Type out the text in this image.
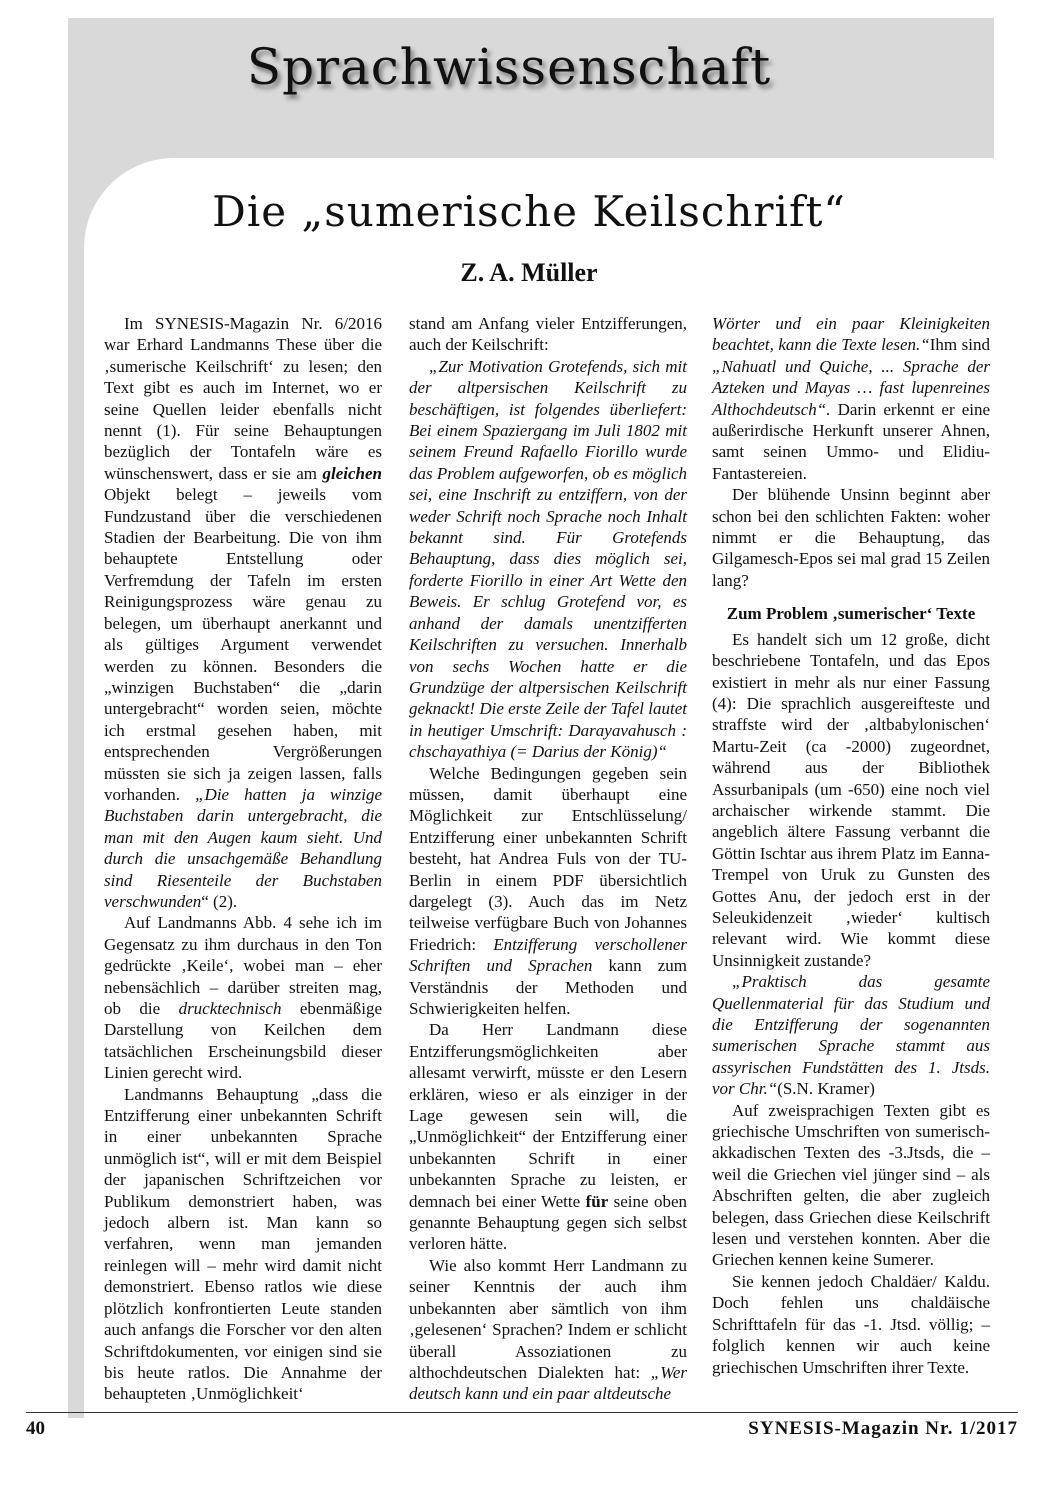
Sprachwissenschaft
Die „sumerische Keilschrift“
Z. A. Müller

Im SYNESIS-Magazin Nr. 6/2016 war Erhard Landmanns These über die ‚sumerische Keilschrift‘ zu lesen; den Text gibt es auch im Internet, wo er seine Quellen leider ebenfalls nicht nennt (1). Für seine Behauptungen bezüglich der Tontafeln wäre es wünschenswert, dass er sie am gleichen Objekt belegt – jeweils vom Fundzustand über die verschiedenen Stadien der Bearbeitung. Die von ihm behauptete Entstellung oder Verfremdung der Tafeln im ersten Reinigungsprozess wäre genau zu belegen, um überhaupt anerkannt und als gültiges Argument verwendet werden zu können. Besonders die „winzigen Buchstaben“ die „darin untergebracht“ worden seien, möchte ich erstmal gesehen haben, mit entsprechenden Vergrößerungen müssten sie sich ja zeigen lassen, falls vorhanden. „Die hatten ja winzige Buchstaben darin untergebracht, die man mit den Augen kaum sieht. Und durch die unsachgemäße Behandlung sind Riesenteile der Buchstaben verschwunden“ (2).

Auf Landmanns Abb. 4 sehe ich im Gegensatz zu ihm durchaus in den Ton gedrückte ‚Keile‘, wobei man – eher nebensächlich – darüber streiten mag, ob die drucktechnisch ebenmäßige Darstellung von Keilchen dem tatsächlichen Erscheinungsbild dieser Linien gerecht wird.

Landmanns Behauptung „dass die Entzifferung einer unbekannten Schrift in einer unbekannten Sprache unmöglich ist“, will er mit dem Beispiel der japanischen Schriftzeichen vor Publikum demonstriert haben, was jedoch albern ist. Man kann so verfahren, wenn man jemanden reinlegen will – mehr wird damit nicht demonstriert. Ebenso ratlos wie diese plötzlich konfrontierten Leute standen auch anfangs die Forscher vor den alten Schriftdokumenten, vor einigen sind sie bis heute ratlos. Die Annahme der behaupteten ‚Unmöglichkeit‘

stand am Anfang vieler Entzifferungen, auch der Keilschrift:

„Zur Motivation Grotefends, sich mit der altpersischen Keilschrift zu beschäftigen, ist folgendes überliefert: Bei einem Spaziergang im Juli 1802 mit seinem Freund Rafaello Fiorillo wurde das Problem aufgeworfen, ob es möglich sei, eine Inschrift zu entziffern, von der weder Schrift noch Sprache noch Inhalt bekannt sind. Für Grotefends Behauptung, dass dies möglich sei, forderte Fiorillo in einer Art Wette den Beweis. Er schlug Grotefend vor, es anhand der damals unentzifferten Keilschriften zu versuchen. Innerhalb von sechs Wochen hatte er die Grundzüge der altpersischen Keilschrift geknackt! Die erste Zeile der Tafel lautet in heutiger Umschrift: Darayavahusch : chschayathiya (= Darius der König)“

Welche Bedingungen gegeben sein müssen, damit überhaupt eine Möglichkeit zur Entschlüsselung/ Entzifferung einer unbekannten Schrift besteht, hat Andrea Fuls von der TU-Berlin in einem PDF übersichtlich dargelegt (3). Auch das im Netz teilweise verfügbare Buch von Johannes Friedrich: Entzifferung verschollener Schriften und Sprachen kann zum Verständnis der Methoden und Schwierigkeiten helfen.

Da Herr Landmann diese Entzifferungsmöglichkeiten aber allesamt verwirft, müsste er den Lesern erklären, wieso er als einziger in der Lage gewesen sein will, die „Unmöglichkeit“ der Entzifferung einer unbekannten Schrift in einer unbekannten Sprache zu leisten, er demnach bei einer Wette für seine oben genannte Behauptung gegen sich selbst verloren hätte.

Wie also kommt Herr Landmann zu seiner Kenntnis der auch ihm unbekannten aber sämtlich von ihm ‚gelesenen‘ Sprachen? Indem er schlicht überall Assoziationen zu althochdeutschen Dialekten hat: „Wer deutsch kann und ein paar altdeutsche

Wörter und ein paar Kleinigkeiten beachtet, kann die Texte lesen.“Ihm sind „Nahuatl und Quiche, ... Sprache der Azteken und Mayas … fast lupenreines Althochdeutsch“. Darin erkennt er eine außerirdische Herkunft unserer Ahnen, samt seinen Ummo- und Elidiu-Fantastereien.

Der blühende Unsinn beginnt aber schon bei den schlichten Fakten: woher nimmt er die Behauptung, das Gilgamesch-Epos sei mal grad 15 Zeilen lang?

Zum Problem ‚sumerischer‘ Texte

Es handelt sich um 12 große, dicht beschriebene Tontafeln, und das Epos existiert in mehr als nur einer Fassung (4): Die sprachlich ausgereifteste und straffste wird der ‚altbabylonischen‘ Martu-Zeit (ca -2000) zugeordnet, während aus der Bibliothek Assurbanipals (um -650) eine noch viel archaischer wirkende stammt. Die angeblich ältere Fassung verbannt die Göttin Ischtar aus ihrem Platz im Eanna-Trempel von Uruk zu Gunsten des Gottes Anu, der jedoch erst in der Seleukidenzeit ‚wieder‘ kultisch relevant wird. Wie kommt diese Unsinnigkeit zustande?

„Praktisch das gesamte Quellenmaterial für das Studium und die Entzifferung der sogenannten sumerischen Sprache stammt aus assyrischen Fundstätten des 1. Jtsds. vor Chr.“(S.N. Kramer)

Auf zweisprachigen Texten gibt es griechische Umschriften von sumerisch-akkadischen Texten des -3.Jtsds, die – weil die Griechen viel jünger sind – als Abschriften gelten, die aber zugleich belegen, dass Griechen diese Keilschrift lesen und verstehen konnten. Aber die Griechen kennen keine Sumerer.

Sie kennen jedoch Chaldäer/ Kaldu. Doch fehlen uns chaldäische Schrifttafeln für das -1. Jtsd. völlig; – folglich kennen wir auch keine griechischen Umschriften ihrer Texte.

40	SYNESIS-Magazin Nr. 1/2017
